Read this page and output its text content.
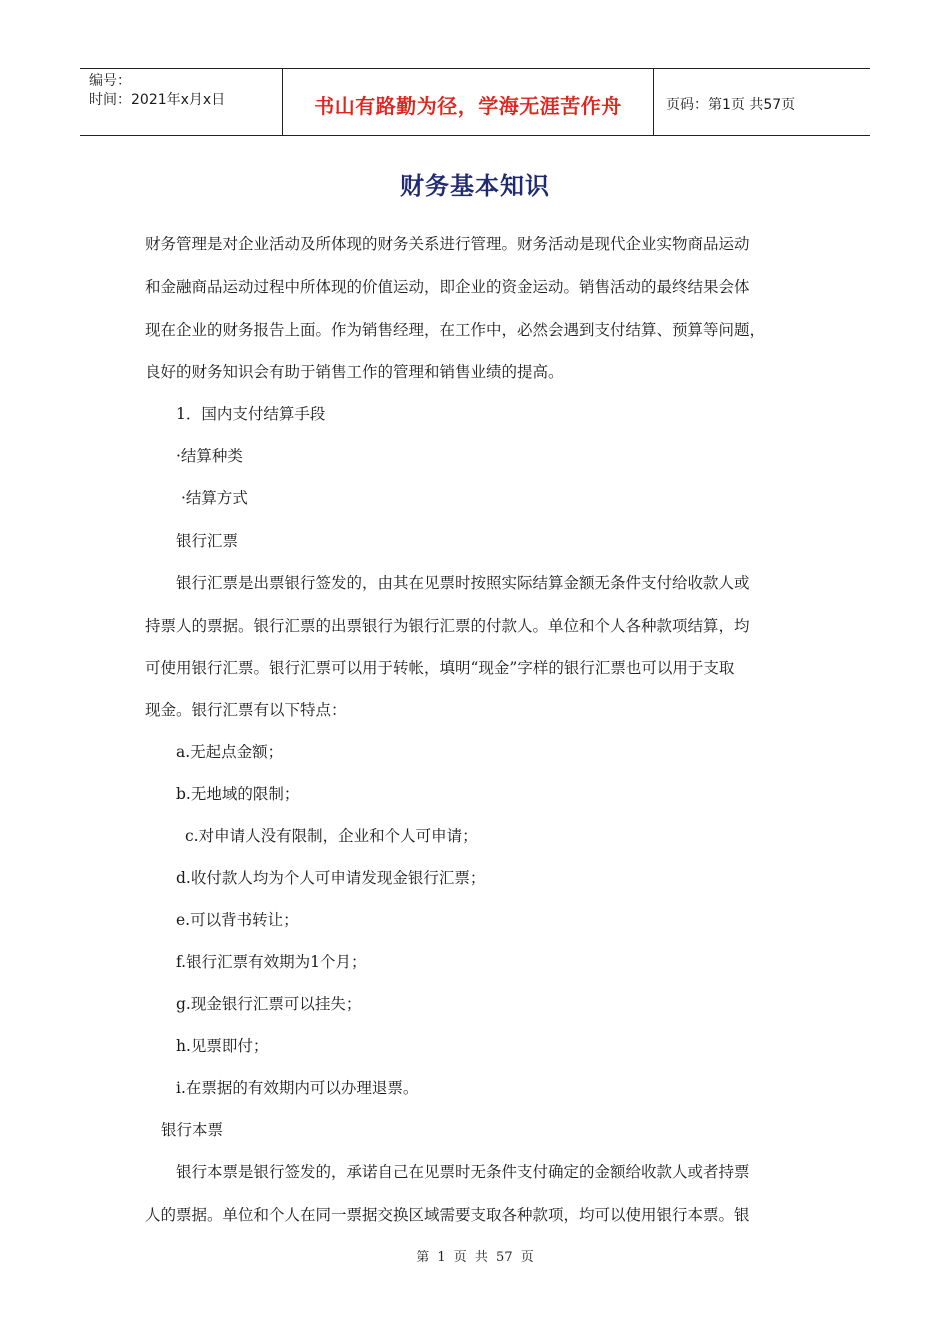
编号：
时间：2021年x月x日	书山有路勤为径，学海无涯苦作舟	页码：第1页 共57页
财务基本知识
财务管理是对企业活动及所体现的财务关系进行管理。财务活动是现代企业实物商品运动
和金融商品运动过程中所体现的价值运动，即企业的资金运动。销售活动的最终结果会体
现在企业的财务报告上面。作为销售经理，在工作中，必然会遇到支付结算、预算等问题，
良好的财务知识会有助于销售工作的管理和销售业绩的提高。
1．国内支付结算手段
·结算种类
·结算方式
银行汇票
银行汇票是出票银行签发的，由其在见票时按照实际结算金额无条件支付给收款人或
持票人的票据。银行汇票的出票银行为银行汇票的付款人。单位和个人各种款项结算，均
可使用银行汇票。银行汇票可以用于转帐，填明“现金”字样的银行汇票也可以用于支取
现金。银行汇票有以下特点：
a.无起点金额；
b.无地域的限制；
c.对申请人没有限制，企业和个人可申请；
d.收付款人均为个人可申请发现金银行汇票；
e.可以背书转让；
f.银行汇票有效期为1个月；
g.现金银行汇票可以挂失；
h.见票即付；
i.在票据的有效期内可以办理退票。
银行本票
银行本票是银行签发的，承诺自己在见票时无条件支付确定的金额给收款人或者持票
人的票据。单位和个人在同一票据交换区域需要支取各种款项，均可以使用银行本票。银
第 1 页 共 57 页
